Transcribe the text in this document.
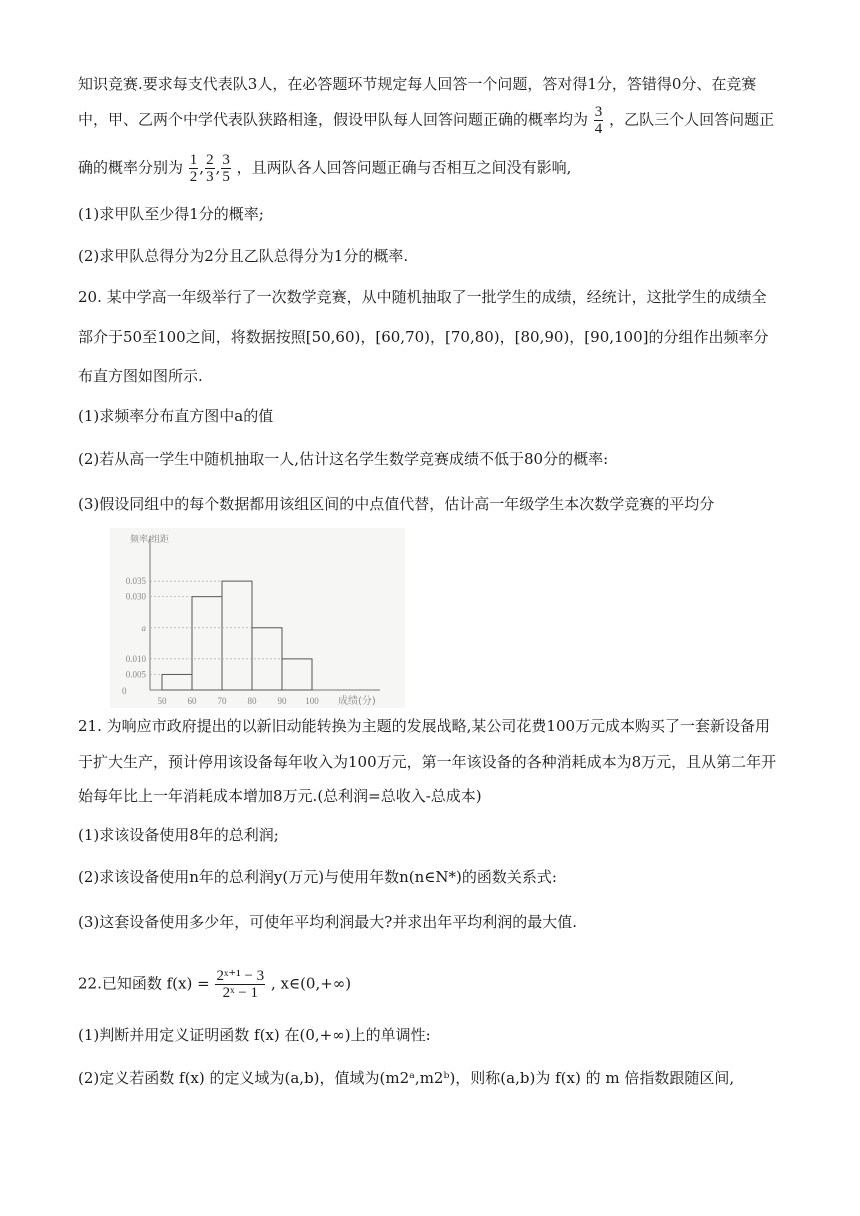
知识竞赛.要求每支代表队3人，在必答题环节规定每人回答一个问题，答对得1分，答错得0分、在竞赛
中，甲、乙两个中学代表队狭路相逢，假设甲队每人回答问题正确的概率均为 $\frac{3}{4}$ ，乙队三个人回答问题正
确的概率分别为 $\frac{1}{2}$ , $\frac{2}{3}$ , $\frac{3}{5}$ ，且两队各人回答问题正确与否相互之间没有影响,
(1)求甲队至少得1分的概率;
(2)求甲队总得分为2分且乙队总得分为1分的概率.
20. 某中学高一年级举行了一次数学竞赛，从中随机抽取了一批学生的成绩，经统计，这批学生的成绩全
部介于50至100之间，将数据按照[50,60)，[60,70)，[70,80)，[80,90)，[90,100]的分组作出频率分
布直方图如图所示.
(1)求频率分布直方图中a的值
(2)若从高一学生中随机抽取一人,估计这名学生数学竞赛成绩不低于80分的概率:
(3)假设同组中的每个数据都用该组区间的中点值代替，估计高一年级学生本次数学竞赛的平均分
频率/组距
0.035
0.030
a
0.010
0.005
0
50 60 70 80 90 100 成绩(分)
21. 为响应市政府提出的以新旧动能转换为主题的发展战略,某公司花费100万元成本购买了一套新设备用
于扩大生产，预计停用该设备每年收入为100万元，第一年该设备的各种消耗成本为8万元，且从第二年开
始每年比上一年消耗成本增加8万元.(总利润=总收入-总成本)
(1)求该设备使用8年的总利润;
(2)求该设备使用n年的总利润y(万元)与使用年数n(n∈N*)的函数关系式:
(3)这套设备使用多少年，可使年平均利润最大?并求出年平均利润的最大值.
22.已知函数 $f(x) = \frac{\text{2ˣ⁺¹ − 3}}{\text{2ˣ − 1}}$ , x∈(0,+∞)
(1)判断并用定义证明函数 f(x) 在(0,+∞)上的单调性:
(2)定义若函数 f(x) 的定义域为(a,b)，值域为(m2ᵃ,m2ᵇ)，则称(a,b)为 f(x) 的 m 倍指数跟随区间,
